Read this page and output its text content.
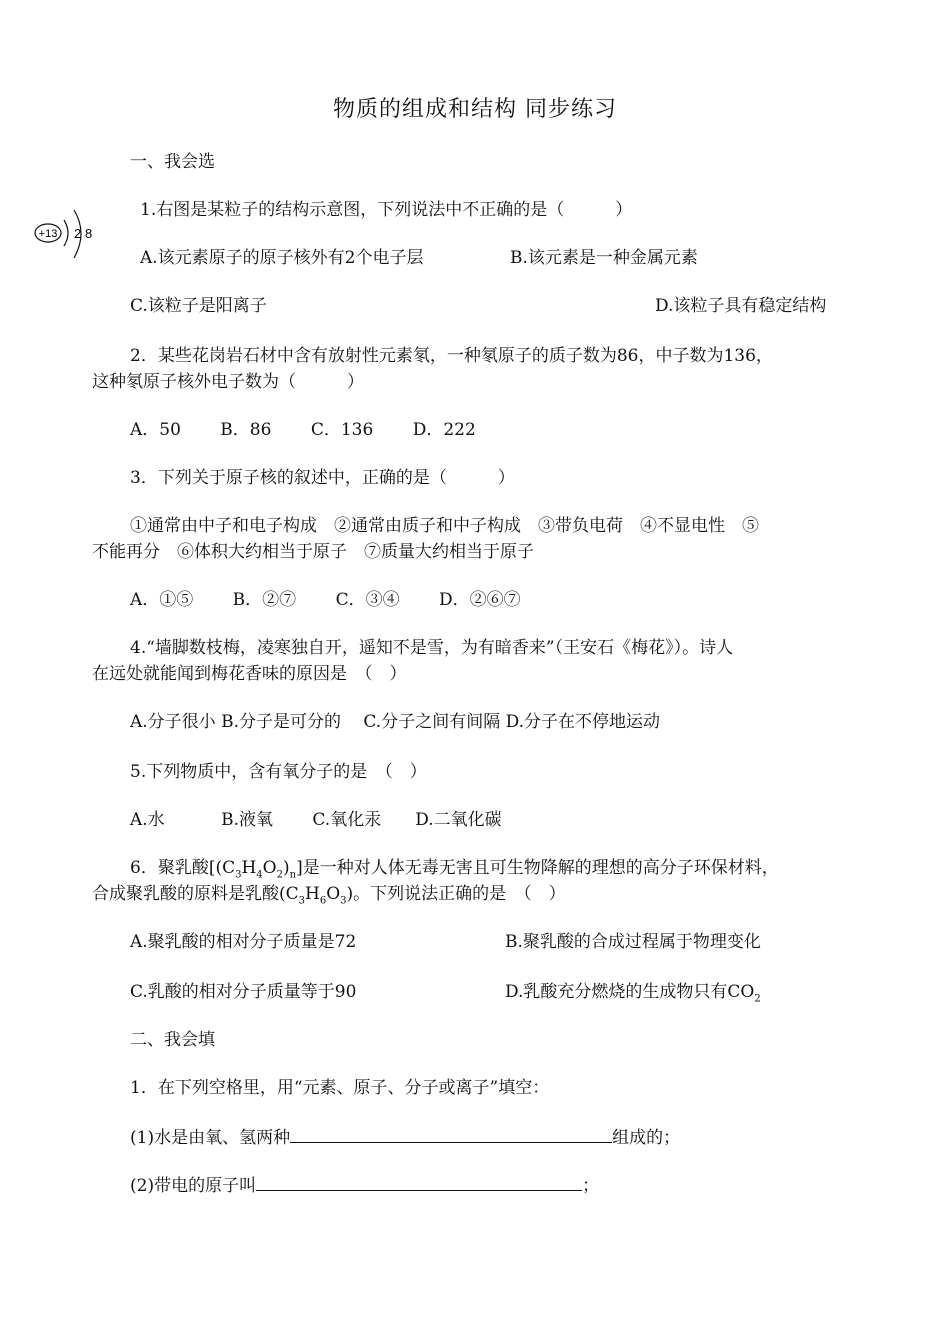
物质的组成和结构 同步练习
一、我会选
+13 2 8
1.右图是某粒子的结构示意图，下列说法中不正确的是（　　　）
A.该元素原子的原子核外有2个电子层	B.该元素是一种金属元素
C.该粒子是阳离子	D.该粒子具有稳定结构
2．某些花岗岩石材中含有放射性元素氡，一种氡原子的质子数为86，中子数为136，
这种氡原子核外电子数为（　　　）
A．50　　 B．86　　 C．136　　 D．222
3．下列关于原子核的叙述中，正确的是（　　　）
①通常由中子和电子构成　②通常由质子和中子构成　③带负电荷　④不显电性　⑤
不能再分　⑥体积大约相当于原子　⑦质量大约相当于原子
A．①⑤　　 B．②⑦　　 C．③④　　 D．②⑥⑦
4.“墙脚数枝梅，凌寒独自开，遥知不是雪，为有暗香来”（王安石《梅花》）。诗人
在远处就能闻到梅花香味的原因是　（　）
A.分子很小 B.分子是可分的　 C.分子之间有间隔 D.分子在不停地运动
5.下列物质中，含有氧分子的是　（　）
A.水　　　 B.液氧　　 C.氧化汞　　D.二氧化碳
6．聚乳酸$[(C_3H_4O_2)_n]$是一种对人体无毒无害且可生物降解的理想的高分子环保材料，
合成聚乳酸的原料是乳酸$(C_3H_6O_3)$。下列说法正确的是　（　）
A.聚乳酸的相对分子质量是72	B.聚乳酸的合成过程属于物理变化
C.乳酸的相对分子质量等于90	D.乳酸充分燃烧的生成物只有$CO_2$
二、我会填
1．在下列空格里，用“元素、原子、分子或离子”填空：
(1)水是由氧、氢两种	组成的；
(2)带电的原子叫	；
